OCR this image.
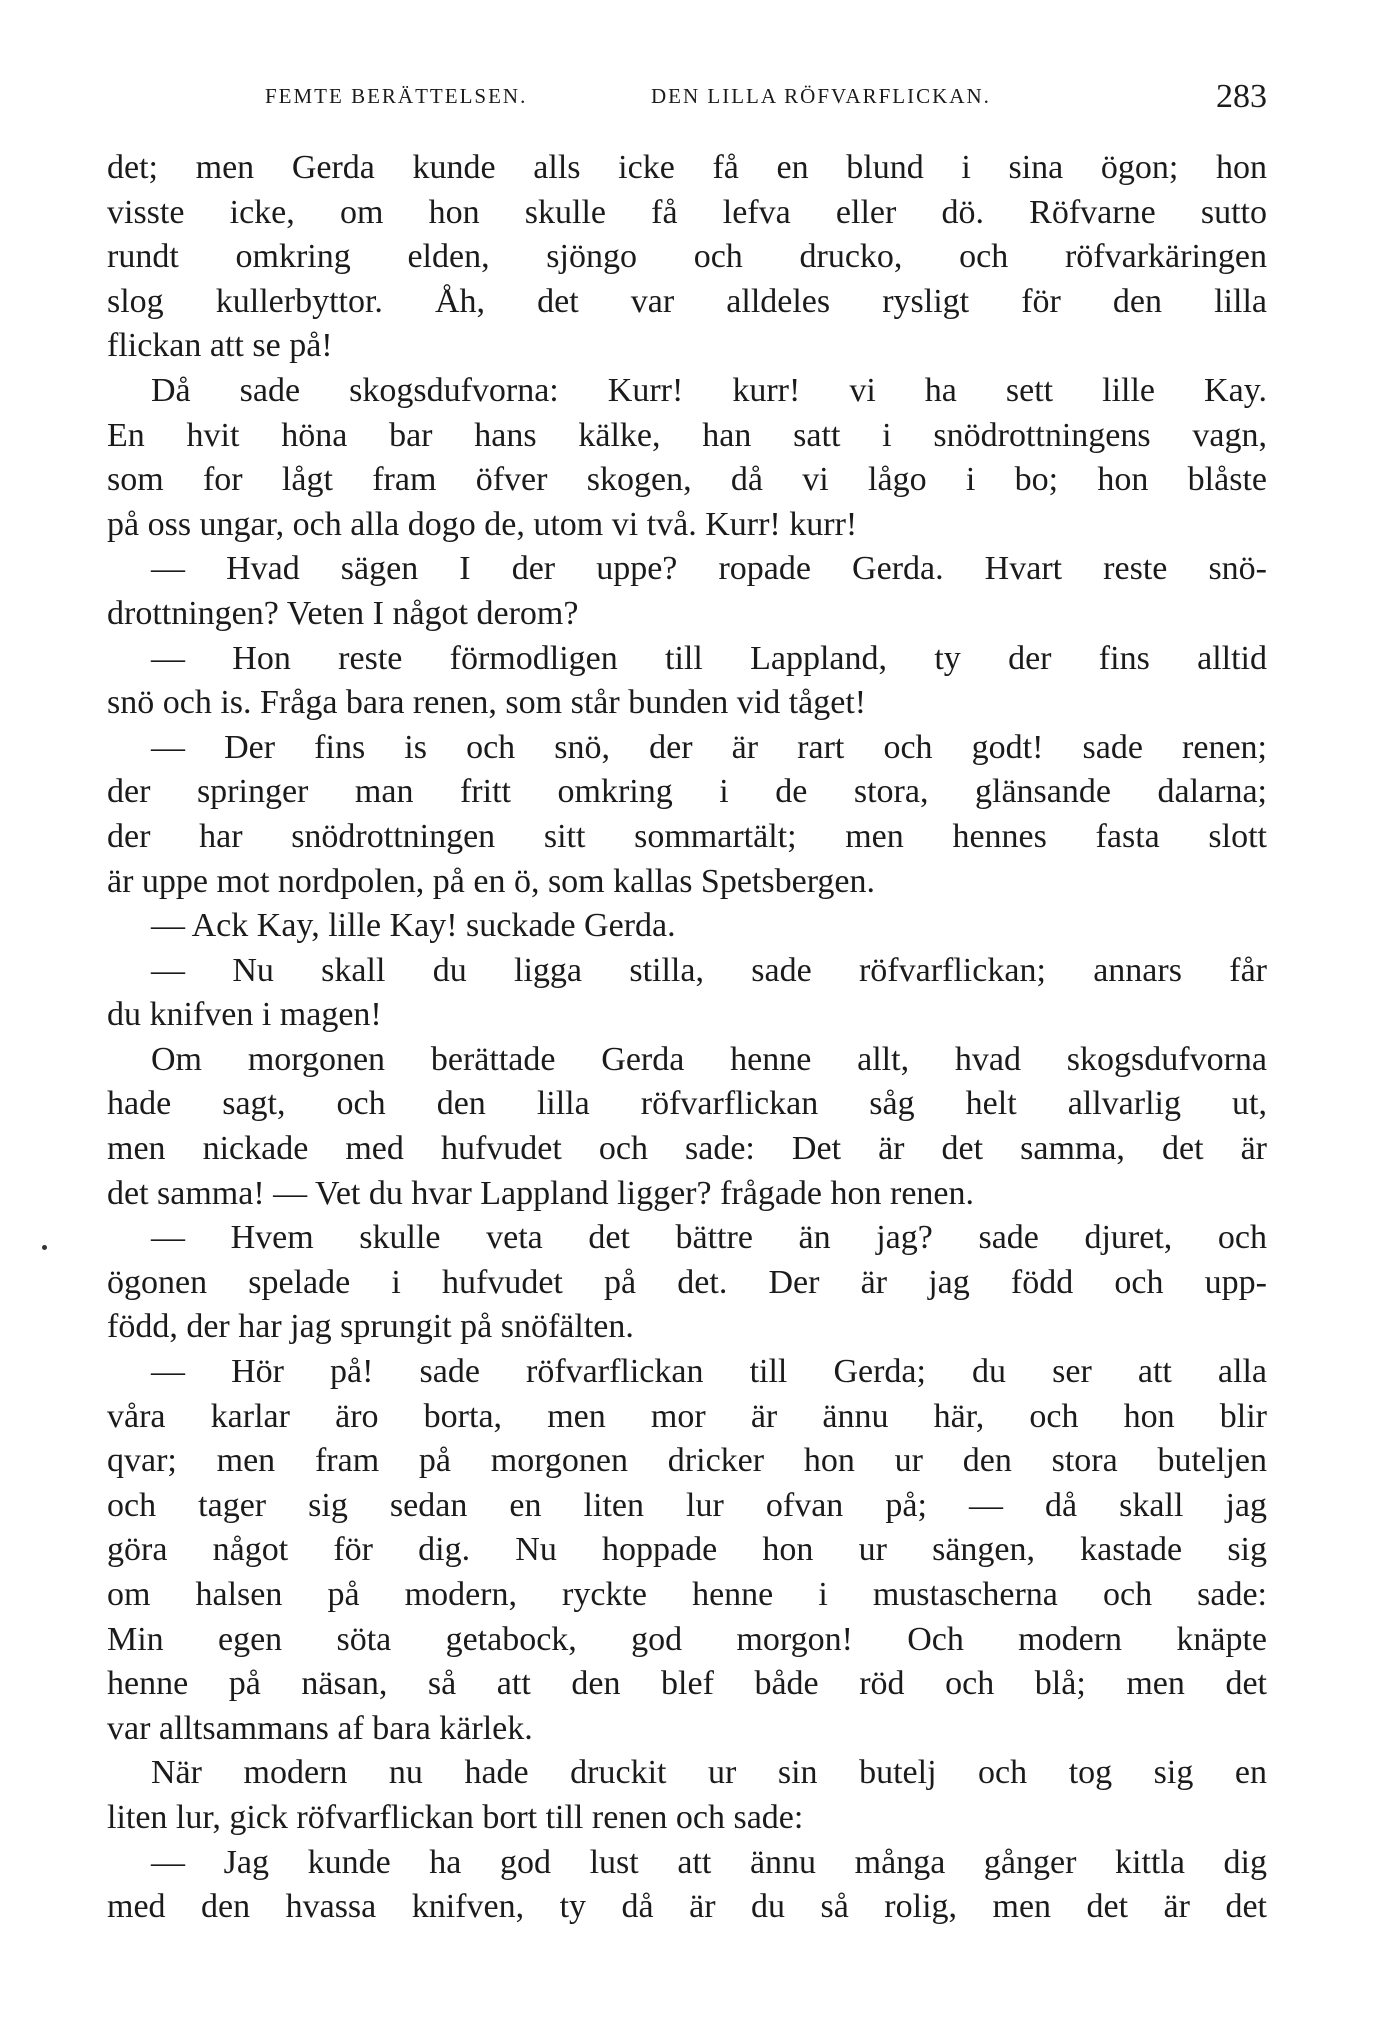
FEMTE BERÄTTELSEN.	DEN LILLA RÖFVARFLICKAN.	283
det; men Gerda kunde alls icke få en blund i sina ögon; hon
visste icke, om hon skulle få lefva eller dö. Röfvarne sutto
rundt omkring elden, sjöngo och drucko, och röfvarkäringen
slog kullerbyttor. Åh, det var alldeles rysligt för den lilla
flickan att se på!
Då sade skogsdufvorna: Kurr! kurr! vi ha sett lille Kay.
En hvit höna bar hans kälke, han satt i snödrottningens vagn,
som for lågt fram öfver skogen, då vi lågo i bo; hon blåste
på oss ungar, och alla dogo de, utom vi två. Kurr! kurr!
— Hvad sägen I der uppe? ropade Gerda. Hvart reste snö-
drottningen? Veten I något derom?
— Hon reste förmodligen till Lappland, ty der fins alltid
snö och is. Fråga bara renen, som står bunden vid tåget!
— Der fins is och snö, der är rart och godt! sade renen;
der springer man fritt omkring i de stora, glänsande dalarna;
der har snödrottningen sitt sommartält; men hennes fasta slott
är uppe mot nordpolen, på en ö, som kallas Spetsbergen.
— Ack Kay, lille Kay! suckade Gerda.
— Nu skall du ligga stilla, sade röfvarflickan; annars får
du knifven i magen!
Om morgonen berättade Gerda henne allt, hvad skogsdufvorna
hade sagt, och den lilla röfvarflickan såg helt allvarlig ut,
men nickade med hufvudet och sade: Det är det samma, det är
det samma! — Vet du hvar Lappland ligger? frågade hon renen.
— Hvem skulle veta det bättre än jag? sade djuret, och
ögonen spelade i hufvudet på det. Der är jag född och upp-
född, der har jag sprungit på snöfälten.
— Hör på! sade röfvarflickan till Gerda; du ser att alla
våra karlar äro borta, men mor är ännu här, och hon blir
qvar; men fram på morgonen dricker hon ur den stora buteljen
och tager sig sedan en liten lur ofvan på; — då skall jag
göra något för dig. Nu hoppade hon ur sängen, kastade sig
om halsen på modern, ryckte henne i mustascherna och sade:
Min egen söta getabock, god morgon! Och modern knäpte
henne på näsan, så att den blef både röd och blå; men det
var alltsammans af bara kärlek.
När modern nu hade druckit ur sin butelj och tog sig en
liten lur, gick röfvarflickan bort till renen och sade:
— Jag kunde ha god lust att ännu många gånger kittla dig
med den hvassa knifven, ty då är du så rolig, men det är det
